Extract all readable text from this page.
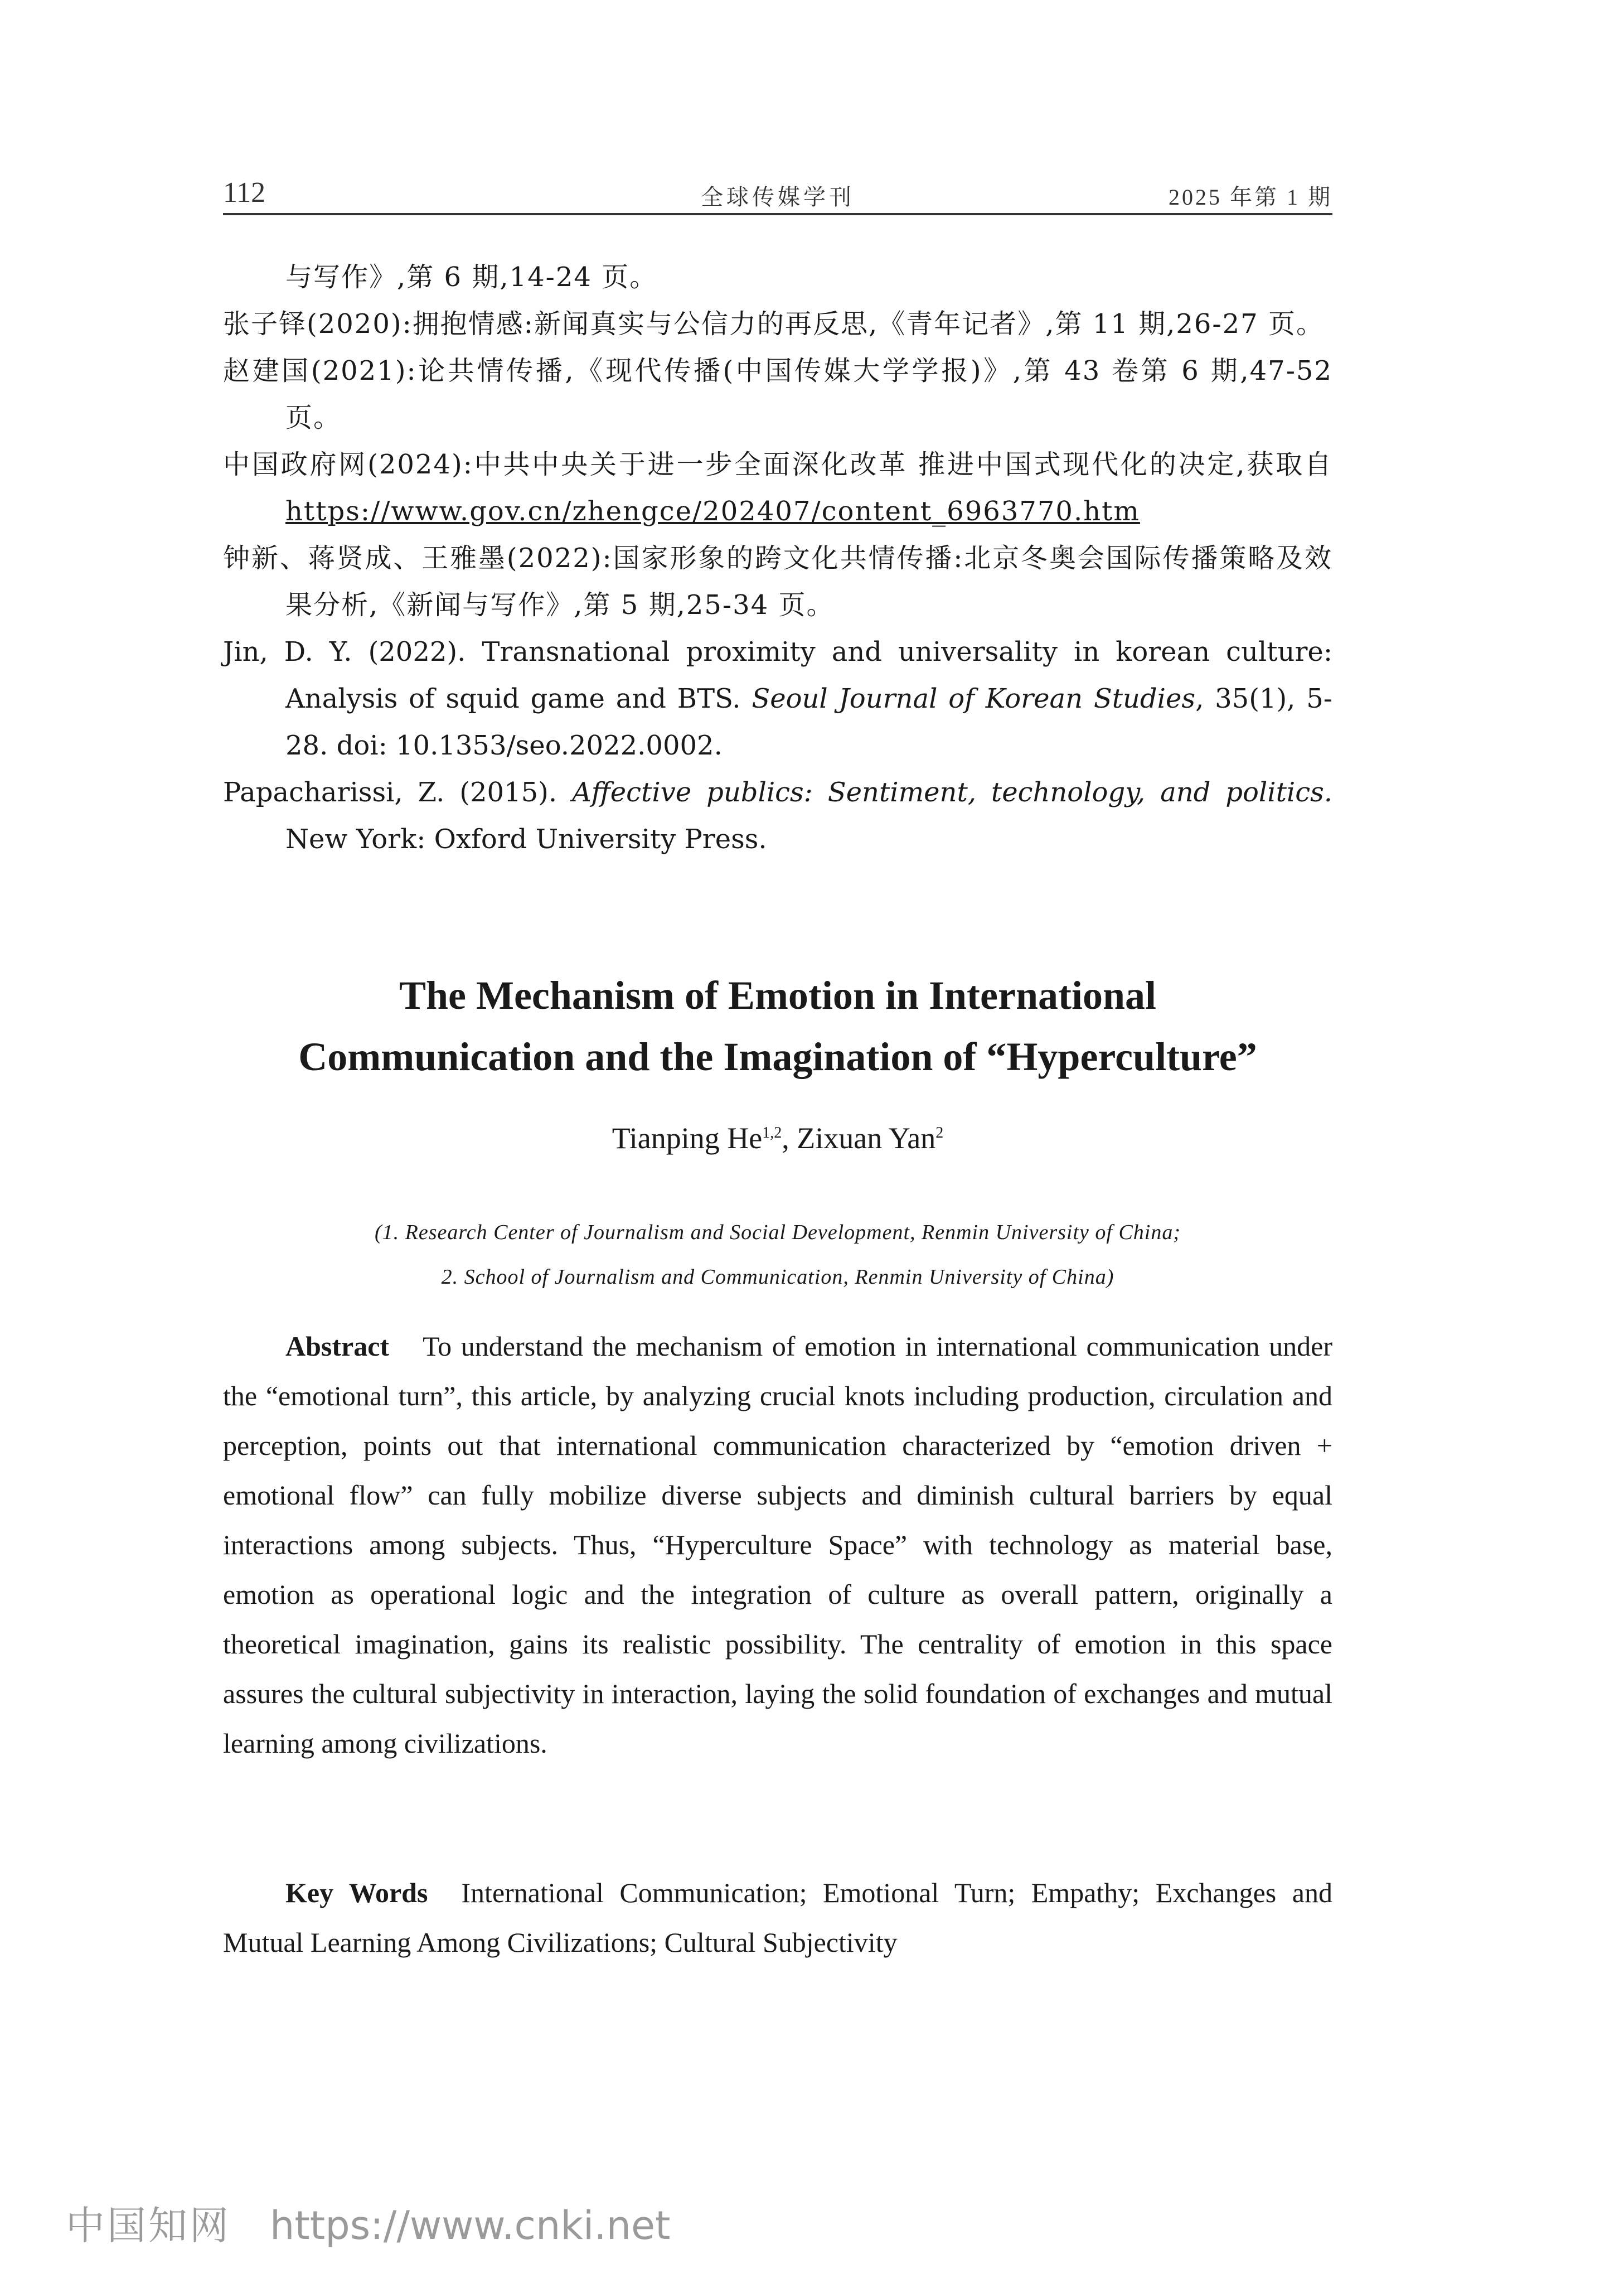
112	全球传媒学刊	2025 年第 1 期
与写作》,第 6 期,14-24 页。
张子铎(2020):拥抱情感:新闻真实与公信力的再反思,《青年记者》,第 11 期,26-27 页。
赵建国(2021):论共情传播,《现代传播(中国传媒大学学报)》,第 43 卷第 6 期,47-52 页。
中国政府网(2024):中共中央关于进一步全面深化改革 推进中国式现代化的决定,获取自 https://www.gov.cn/zhengce/202407/content_6963770.htm
钟新、蒋贤成、王雅墨(2022):国家形象的跨文化共情传播:北京冬奥会国际传播策略及效果分析,《新闻与写作》,第 5 期,25-34 页。
Jin, D. Y. (2022). Transnational proximity and universality in korean culture: Analysis of squid game and BTS. Seoul Journal of Korean Studies, 35(1), 5-28. doi: 10.1353/seo.2022.0002.
Papacharissi, Z. (2015). Affective publics: Sentiment, technology, and politics. New York: Oxford University Press.
The Mechanism of Emotion in International
Communication and the Imagination of “Hyperculture”
Tianping He$^{1,2}$, Zixuan Yan$^2$
(1. Research Center of Journalism and Social Development, Renmin University of China;
2. School of Journalism and Communication, Renmin University of China)
Abstract To understand the mechanism of emotion in international communication under the “emotional turn”, this article, by analyzing crucial knots including production, circulation and perception, points out that international communication characterized by “emotion driven + emotional flow” can fully mobilize diverse subjects and diminish cultural barriers by equal interactions among subjects. Thus, “Hyperculture Space” with technology as material base, emotion as operational logic and the integration of culture as overall pattern, originally a theoretical imagination, gains its realistic possibility. The centrality of emotion in this space assures the cultural subjectivity in interaction, laying the solid foundation of exchanges and mutual learning among civilizations.
Key Words International Communication; Emotional Turn; Empathy; Exchanges and Mutual Learning Among Civilizations; Cultural Subjectivity
中国知网 https://www.cnki.net
